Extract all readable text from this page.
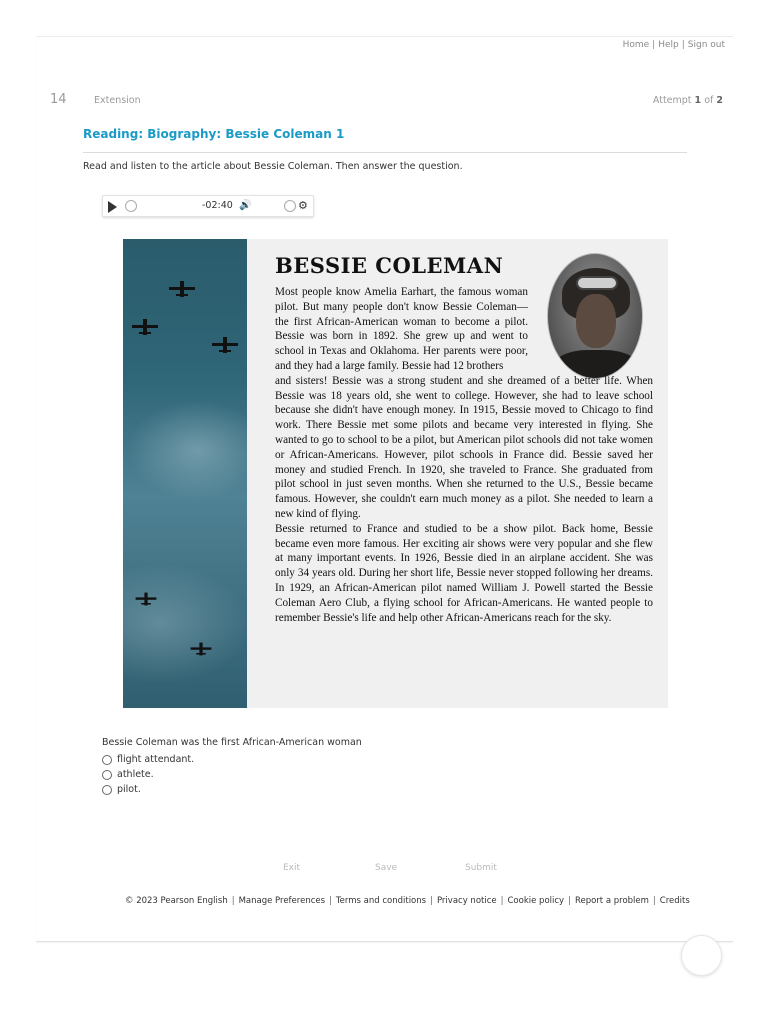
Home | Help | Sign out
14	Extension	Attempt 1 of 2
Reading: Biography: Bessie Coleman 1
Read and listen to the article about Bessie Coleman. Then answer the question.
-02:40 🔊	⚙
BESSIE COLEMAN

Most people know Amelia Earhart, the famous woman pilot. But many people don't know Bessie Coleman—the first African-American woman to become a pilot. Bessie was born in 1892. She grew up and went to school in Texas and Oklahoma. Her parents were poor, and they had a large family. Bessie had 12 brothers

and sisters! Bessie was a strong student and she dreamed of a better life. When Bessie was 18 years old, she went to college. However, she had to leave school because she didn't have enough money. In 1915, Bessie moved to Chicago to find work. There Bessie met some pilots and became very interested in flying. She wanted to go to school to be a pilot, but American pilot schools did not take women or African-Americans. However, pilot schools in France did. Bessie saved her money and studied French. In 1920, she traveled to France. She graduated from pilot school in just seven months. When she returned to the U.S., Bessie became famous. However, she couldn't earn much money as a pilot. She needed to learn a new kind of flying.

Bessie returned to France and studied to be a show pilot. Back home, Bessie became even more famous. Her exciting air shows were very popular and she flew at many important events. In 1926, Bessie died in an airplane accident. She was only 34 years old. During her short life, Bessie never stopped following her dreams. In 1929, an African-American pilot named William J. Powell started the Bessie Coleman Aero Club, a flying school for African-Americans. He wanted people to remember Bessie's life and help other African-Americans reach for the sky.

Bessie Coleman was the first African-American woman
flight attendant.
athlete.
pilot.
Exit	Save	Submit
© 2023 Pearson English | Manage Preferences | Terms and conditions | Privacy notice | Cookie policy | Report a problem | Credits
